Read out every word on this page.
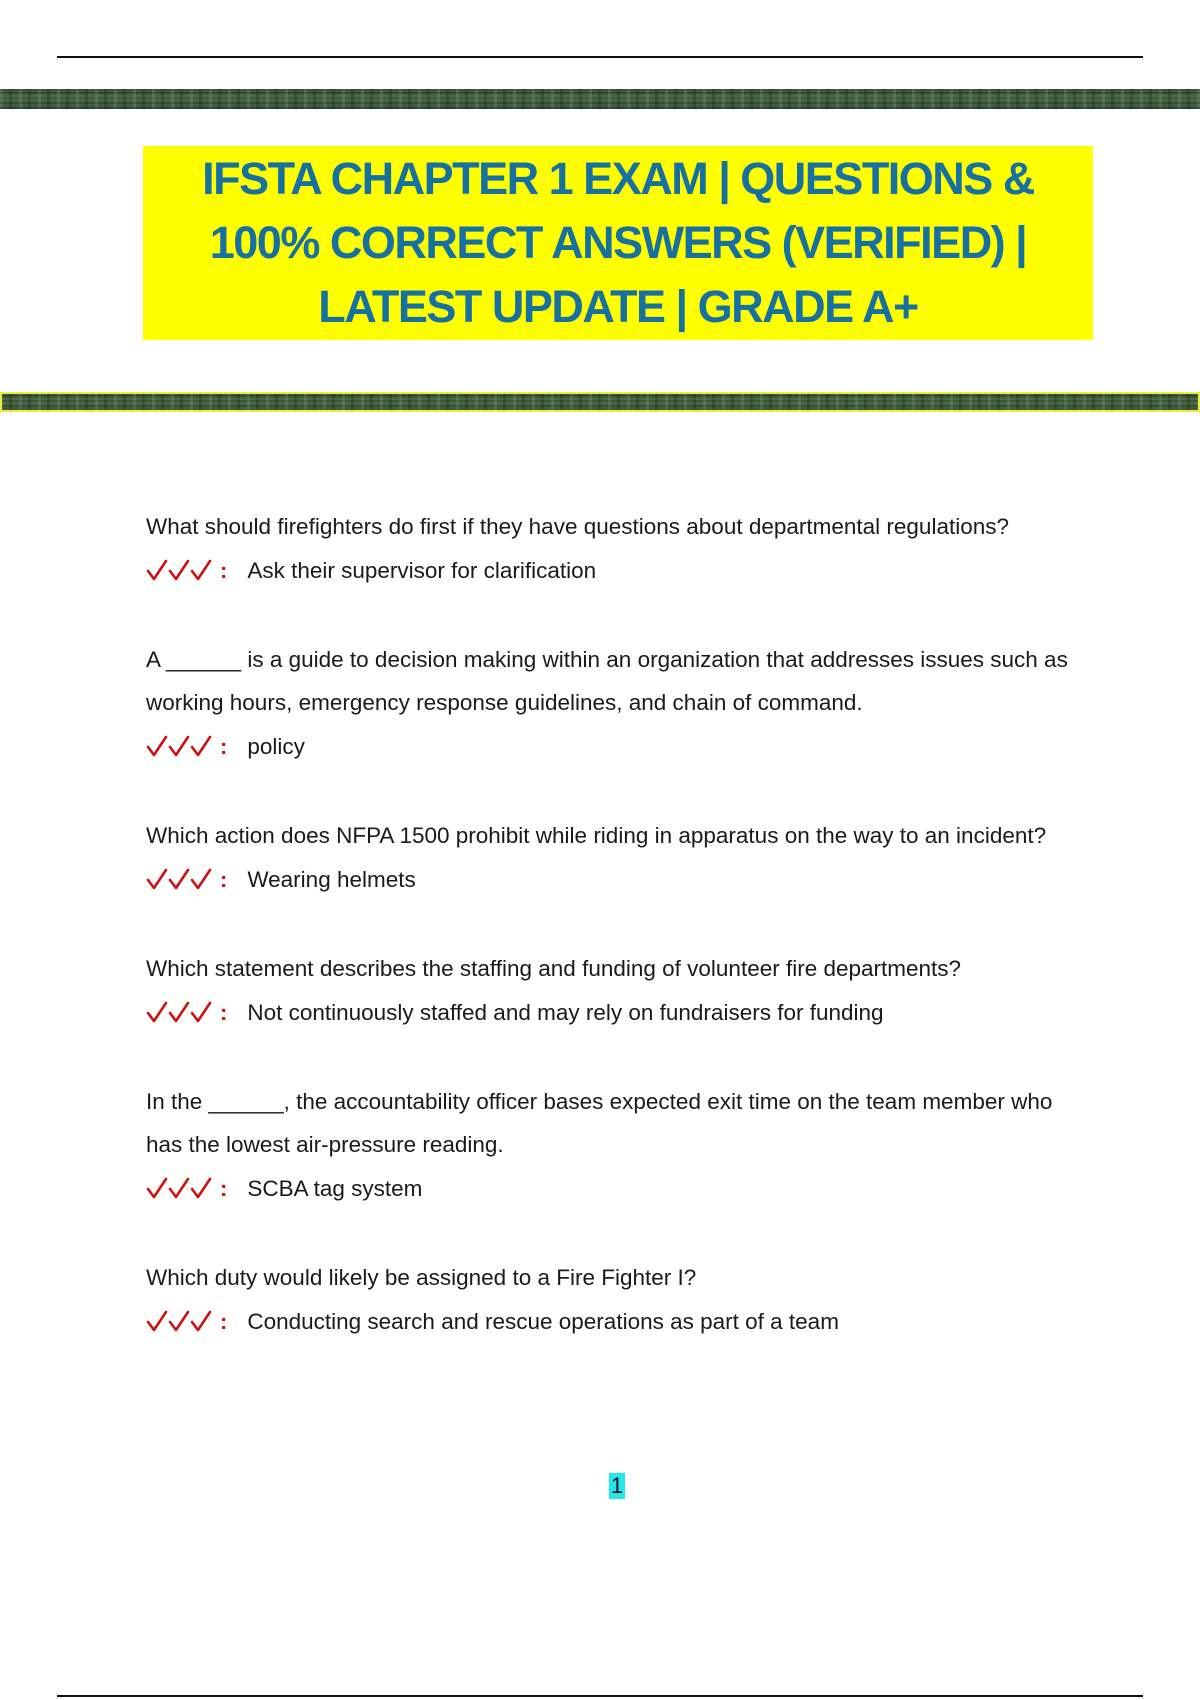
IFSTA CHAPTER 1 EXAM | QUESTIONS & 100% CORRECT ANSWERS (VERIFIED) | LATEST UPDATE | GRADE A+

What should firefighters do first if they have questions about departmental regulations?

: Ask their supervisor for clarification

A ______ is a guide to decision making within an organization that addresses issues such as working hours, emergency response guidelines, and chain of command.

: policy

Which action does NFPA 1500 prohibit while riding in apparatus on the way to an incident?

: Wearing helmets

Which statement describes the staffing and funding of volunteer fire departments?

: Not continuously staffed and may rely on fundraisers for funding

In the ______, the accountability officer bases expected exit time on the team member who has the lowest air-pressure reading.

: SCBA tag system

Which duty would likely be assigned to a Fire Fighter I?

: Conducting search and rescue operations as part of a team
1
